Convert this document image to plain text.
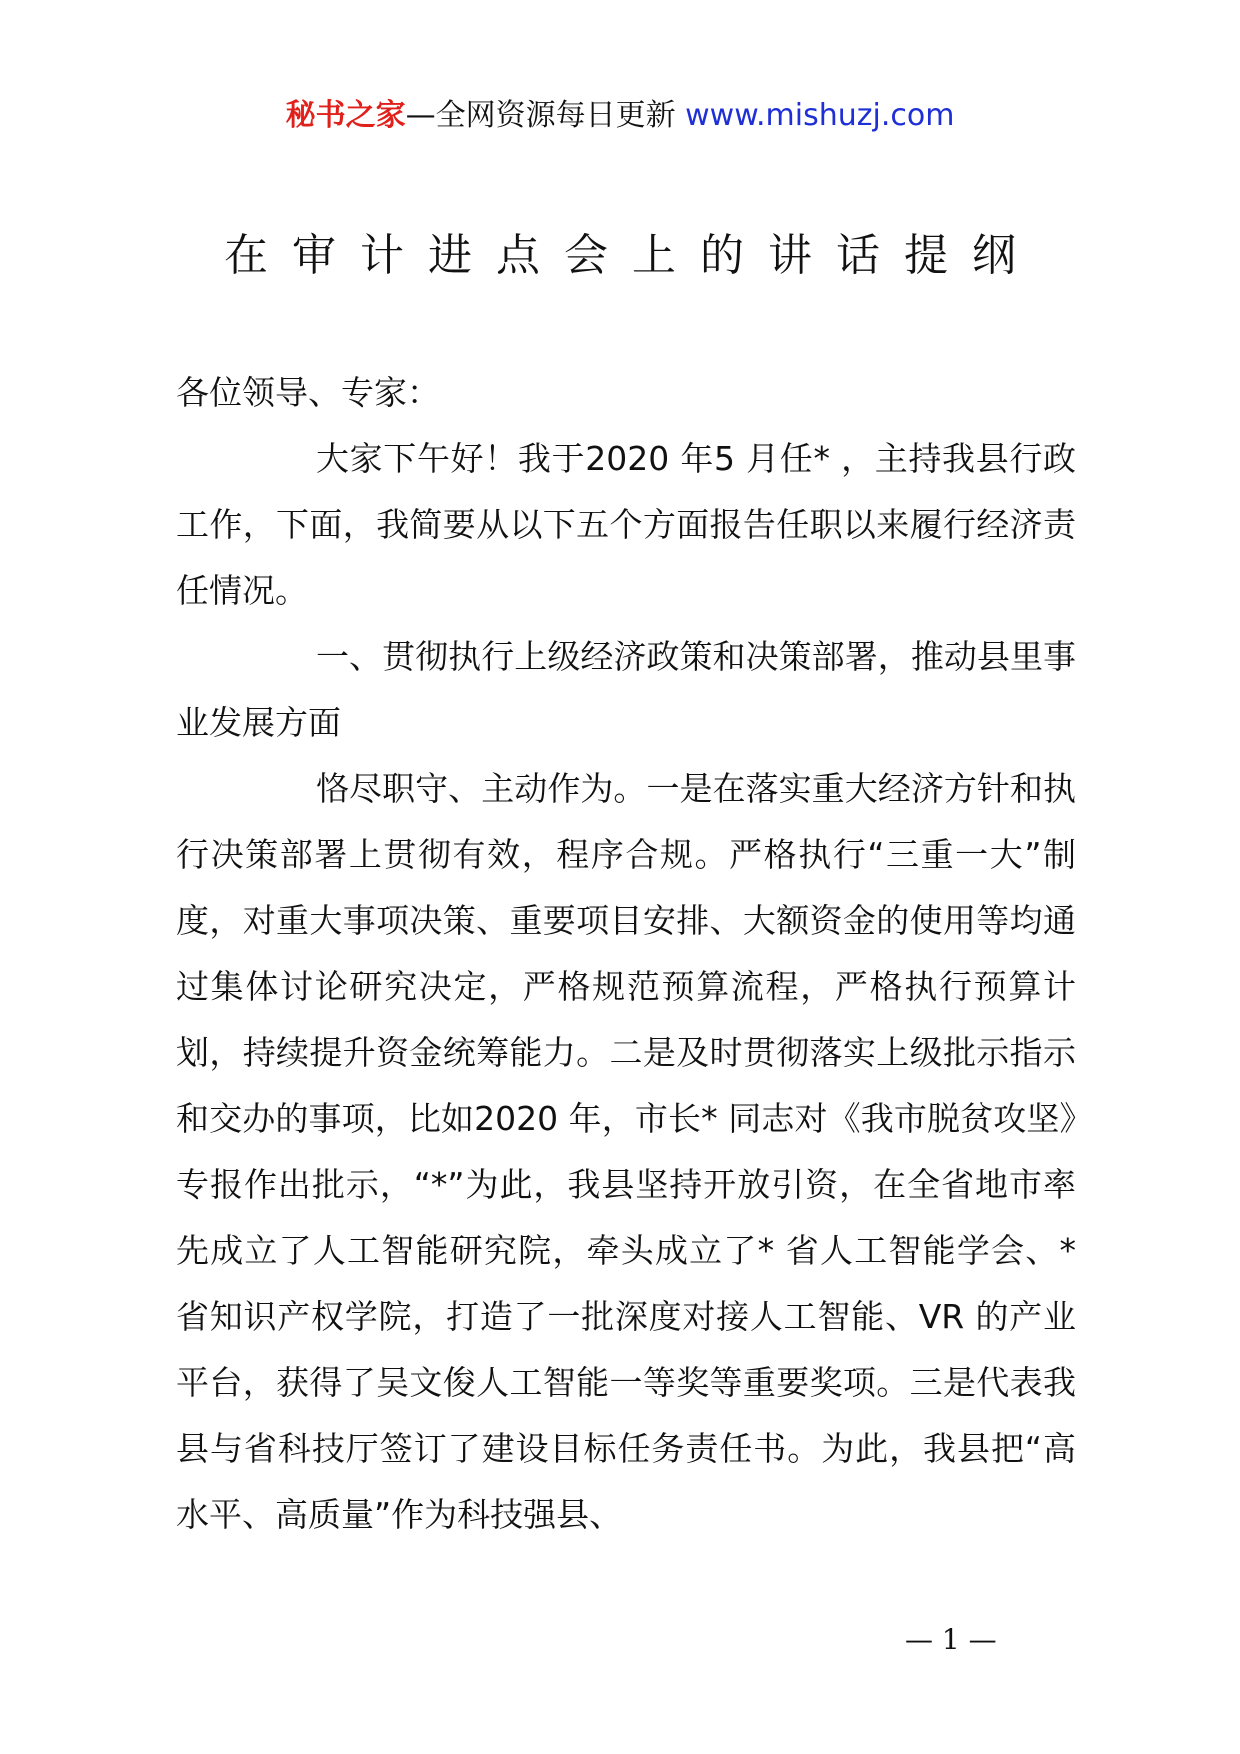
秘书之家—全网资源每日更新 www.mishuzj.com
在审计进点会上的讲话提纲

各位领导、专家：

大家下午好！我于2020 年5 月任* ，主持我县行政工作，下面，我简要从以下五个方面报告任职以来履行经济责任情况。

一、贯彻执行上级经济政策和决策部署，推动县里事业发展方面

恪尽职守、主动作为。一是在落实重大经济方针和执行决策部署上贯彻有效，程序合规。严格执行“三重一大”制度，对重大事项决策、重要项目安排、大额资金的使用等均通过集体讨论研究决定，严格规范预算流程，严格执行预算计划，持续提升资金统筹能力。二是及时贯彻落实上级批示指示和交办的事项，比如2020 年，市长* 同志对《我市脱贫攻坚》专报作出批示，“*”为此，我县坚持开放引资，在全省地市率先成立了人工智能研究院，牵头成立了* 省人工智能学会、* 省知识产权学院，打造了一批深度对接人工智能、VR 的产业平台，获得了吴文俊人工智能一等奖等重要奖项。三是代表我县与省科技厅签订了建设目标任务责任书。为此，我县把“高水平、高质量”作为科技强县、

— 1 —
